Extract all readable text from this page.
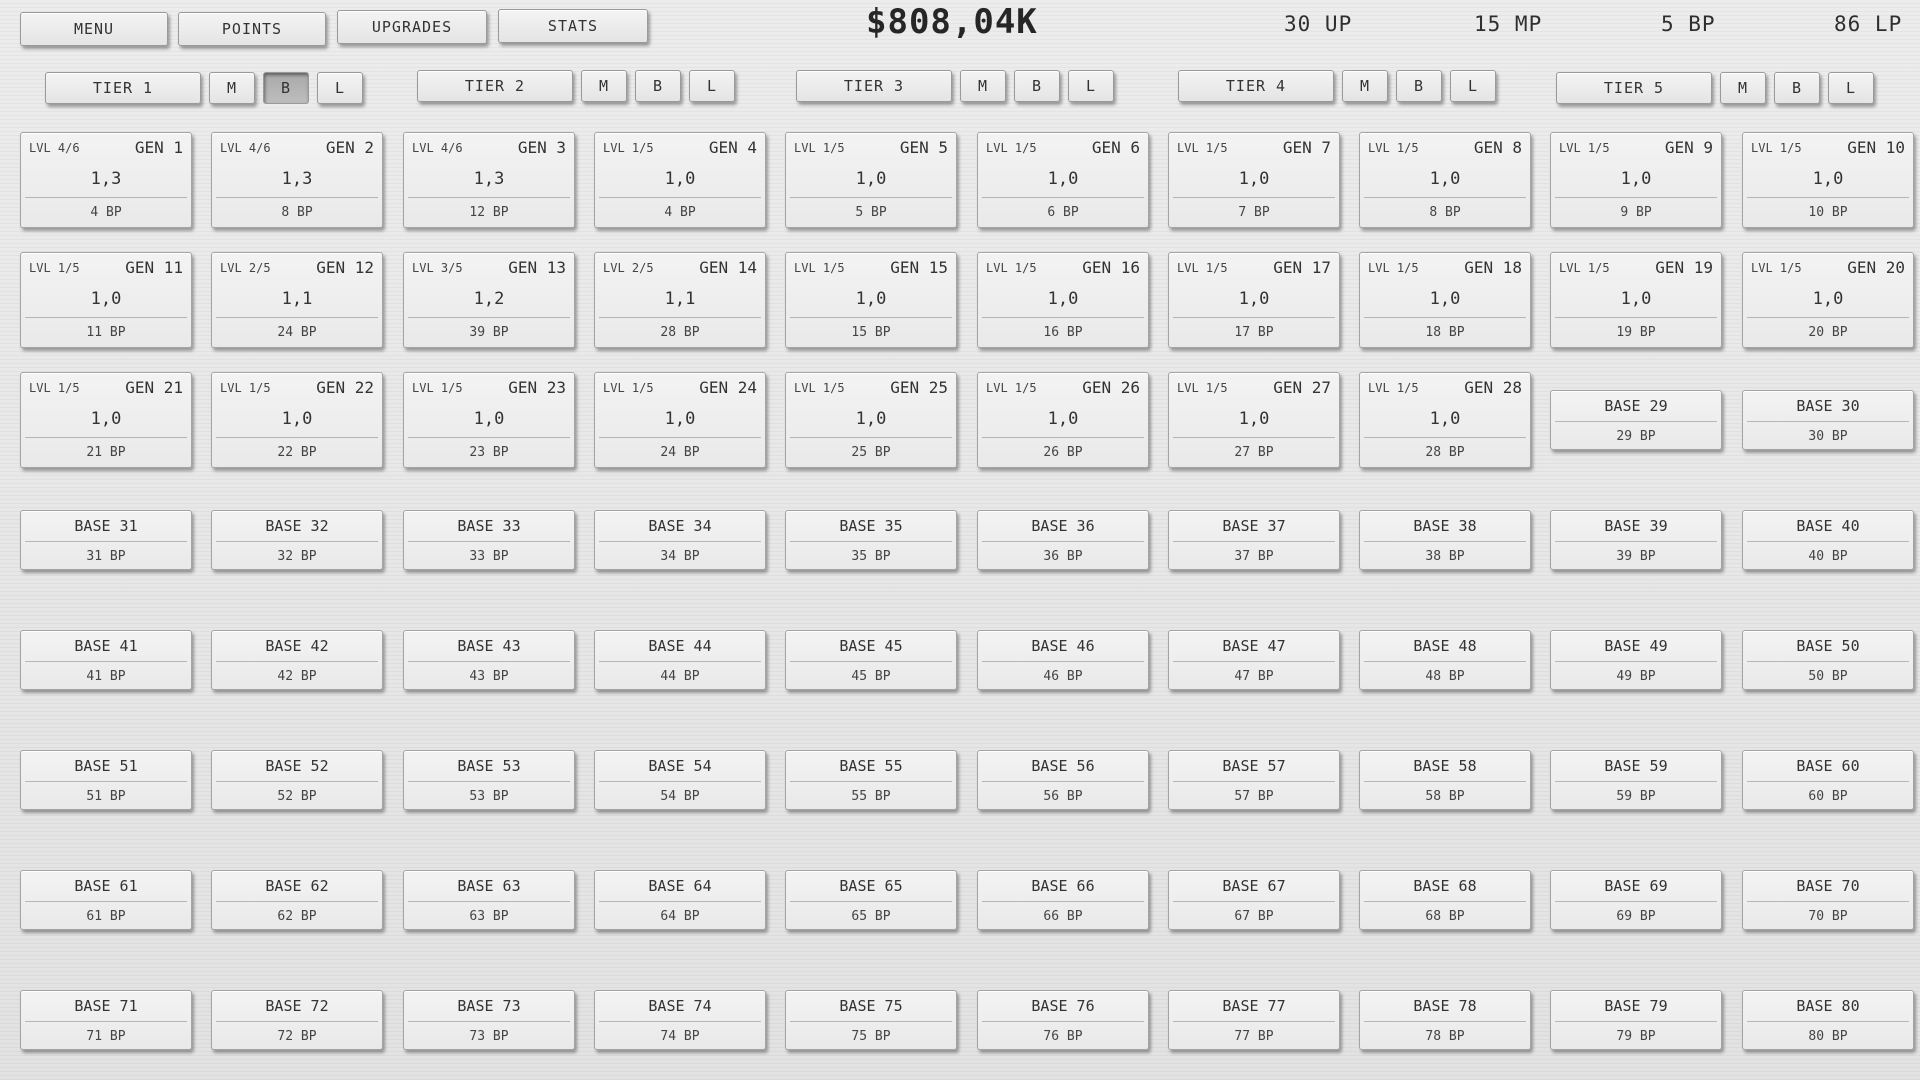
MENU	POINTS	UPGRADES	STATS	$808,04K	30 UP	15 MP	5 BP	86 LP
TIER 1	M	B	L	TIER 2	M	B	L	TIER 3	M	B	L	TIER 4	M	B	L	TIER 5	M	B	L
LVL 4/6	GEN 1
1,3
4 BP
LVL 4/6	GEN 2
1,3
8 BP
LVL 4/6	GEN 3
1,3
12 BP
LVL 1/5	GEN 4
1,0
4 BP
LVL 1/5	GEN 5
1,0
5 BP
LVL 1/5	GEN 6
1,0
6 BP
LVL 1/5	GEN 7
1,0
7 BP
LVL 1/5	GEN 8
1,0
8 BP
LVL 1/5	GEN 9
1,0
9 BP
LVL 1/5	GEN 10
1,0
10 BP
LVL 1/5	GEN 11
1,0
11 BP
LVL 2/5	GEN 12
1,1
24 BP
LVL 3/5	GEN 13
1,2
39 BP
LVL 2/5	GEN 14
1,1
28 BP
LVL 1/5	GEN 15
1,0
15 BP
LVL 1/5	GEN 16
1,0
16 BP
LVL 1/5	GEN 17
1,0
17 BP
LVL 1/5	GEN 18
1,0
18 BP
LVL 1/5	GEN 19
1,0
19 BP
LVL 1/5	GEN 20
1,0
20 BP
LVL 1/5	GEN 21
1,0
21 BP
LVL 1/5	GEN 22
1,0
22 BP
LVL 1/5	GEN 23
1,0
23 BP
LVL 1/5	GEN 24
1,0
24 BP
LVL 1/5	GEN 25
1,0
25 BP
LVL 1/5	GEN 26
1,0
26 BP
LVL 1/5	GEN 27
1,0
27 BP
LVL 1/5	GEN 28
1,0
28 BP
BASE 29
29 BP
BASE 30
30 BP
BASE 31
31 BP
BASE 32
32 BP
BASE 33
33 BP
BASE 34
34 BP
BASE 35
35 BP
BASE 36
36 BP
BASE 37
37 BP
BASE 38
38 BP
BASE 39
39 BP
BASE 40
40 BP
BASE 41
41 BP
BASE 42
42 BP
BASE 43
43 BP
BASE 44
44 BP
BASE 45
45 BP
BASE 46
46 BP
BASE 47
47 BP
BASE 48
48 BP
BASE 49
49 BP
BASE 50
50 BP
BASE 51
51 BP
BASE 52
52 BP
BASE 53
53 BP
BASE 54
54 BP
BASE 55
55 BP
BASE 56
56 BP
BASE 57
57 BP
BASE 58
58 BP
BASE 59
59 BP
BASE 60
60 BP
BASE 61
61 BP
BASE 62
62 BP
BASE 63
63 BP
BASE 64
64 BP
BASE 65
65 BP
BASE 66
66 BP
BASE 67
67 BP
BASE 68
68 BP
BASE 69
69 BP
BASE 70
70 BP
BASE 71
71 BP
BASE 72
72 BP
BASE 73
73 BP
BASE 74
74 BP
BASE 75
75 BP
BASE 76
76 BP
BASE 77
77 BP
BASE 78
78 BP
BASE 79
79 BP
BASE 80
80 BP
